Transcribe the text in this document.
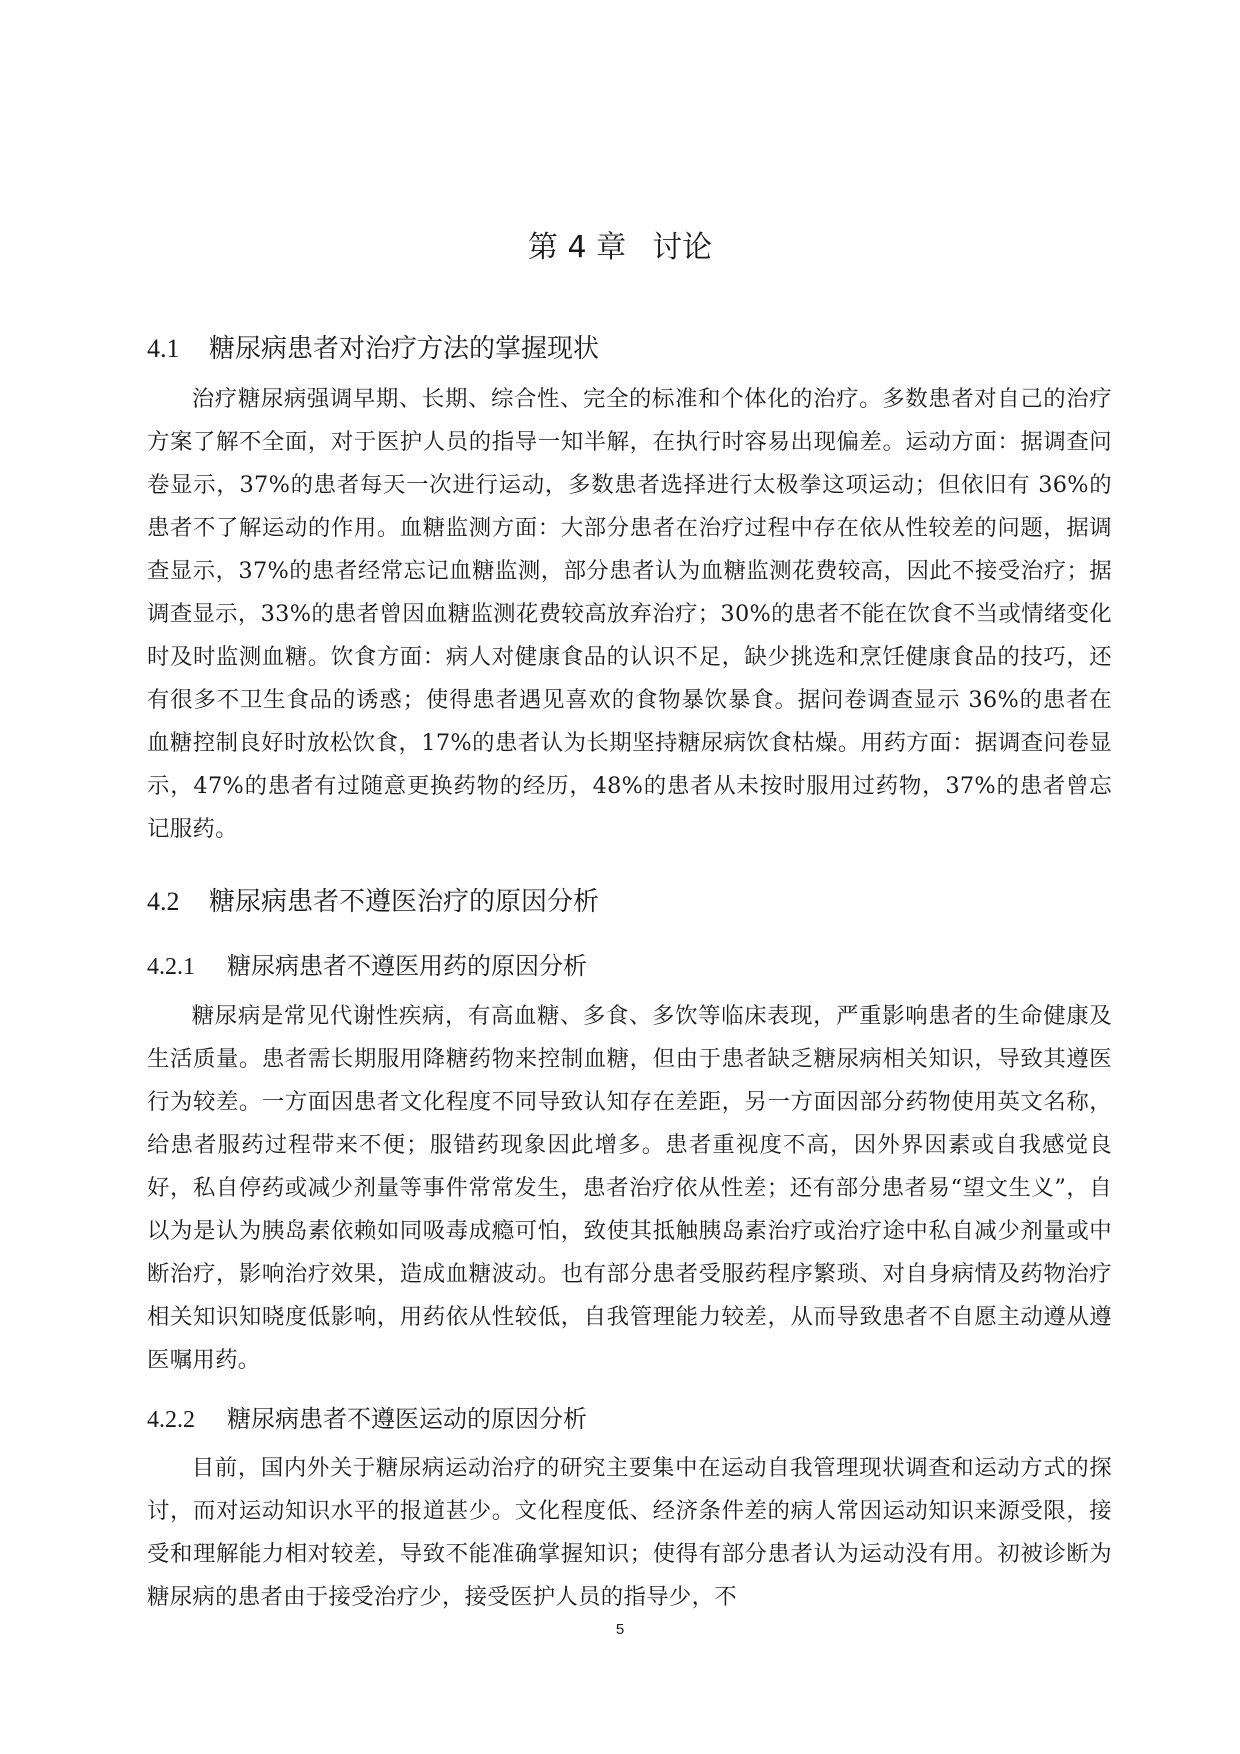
第 4 章 讨论
4.1 糖尿病患者对治疗方法的掌握现状

治疗糖尿病强调早期、长期、综合性、完全的标准和个体化的治疗。多数患者对自己的治疗方案了解不全面，对于医护人员的指导一知半解，在执行时容易出现偏差。运动方面：据调查问卷显示，37%的患者每天一次进行运动，多数患者选择进行太极拳这项运动；但依旧有 36%的患者不了解运动的作用。血糖监测方面：大部分患者在治疗过程中存在依从性较差的问题，据调查显示，37%的患者经常忘记血糖监测，部分患者认为血糖监测花费较高，因此不接受治疗；据调查显示，33%的患者曾因血糖监测花费较高放弃治疗；30%的患者不能在饮食不当或情绪变化时及时监测血糖。饮食方面：病人对健康食品的认识不足，缺少挑选和烹饪健康食品的技巧，还有很多不卫生食品的诱惑；使得患者遇见喜欢的食物暴饮暴食。据问卷调查显示 36%的患者在血糖控制良好时放松饮食，17%的患者认为长期坚持糖尿病饮食枯燥。用药方面：据调查问卷显示，47%的患者有过随意更换药物的经历，48%的患者从未按时服用过药物，37%的患者曾忘记服药。

4.2 糖尿病患者不遵医治疗的原因分析
4.2.1 糖尿病患者不遵医用药的原因分析

糖尿病是常见代谢性疾病，有高血糖、多食、多饮等临床表现，严重影响患者的生命健康及生活质量。患者需长期服用降糖药物来控制血糖，但由于患者缺乏糖尿病相关知识，导致其遵医行为较差。一方面因患者文化程度不同导致认知存在差距，另一方面因部分药物使用英文名称，给患者服药过程带来不便；服错药现象因此增多。患者重视度不高，因外界因素或自我感觉良好，私自停药或减少剂量等事件常常发生，患者治疗依从性差；还有部分患者易“望文生义”，自以为是认为胰岛素依赖如同吸毒成瘾可怕，致使其抵触胰岛素治疗或治疗途中私自减少剂量或中断治疗，影响治疗效果，造成血糖波动。也有部分患者受服药程序繁琐、对自身病情及药物治疗相关知识知晓度低影响，用药依从性较低，自我管理能力较差，从而导致患者不自愿主动遵从遵医嘱用药。

4.2.2 糖尿病患者不遵医运动的原因分析

目前，国内外关于糖尿病运动治疗的研究主要集中在运动自我管理现状调查和运动方式的探讨，而对运动知识水平的报道甚少。文化程度低、经济条件差的病人常因运动知识来源受限，接受和理解能力相对较差，导致不能准确掌握知识；使得有部分患者认为运动没有用。初被诊断为糖尿病的患者由于接受治疗少，接受医护人员的指导少，不

5
